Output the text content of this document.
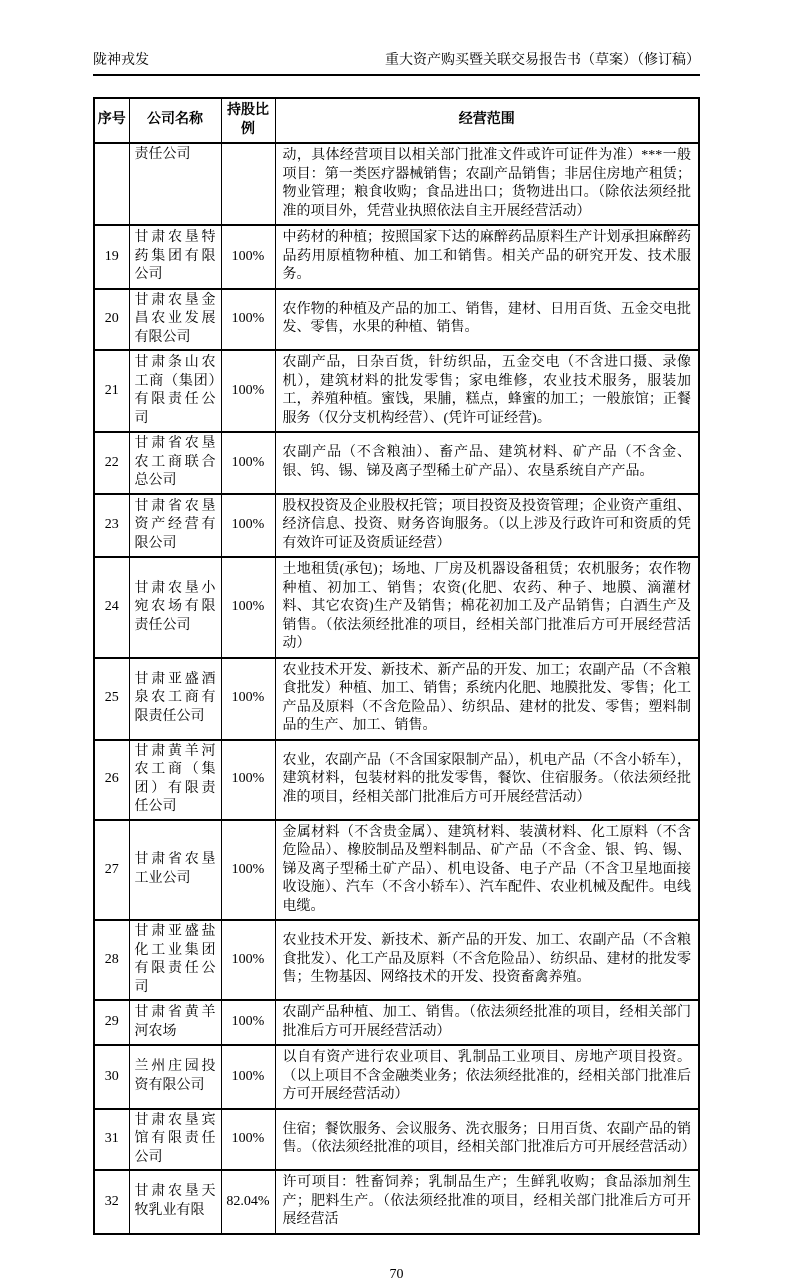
陇神戎发	重大资产购买暨关联交易报告书（草案）（修订稿）
序号	公司名称	持股比例	经营范围
	责任公司		动，具体经营项目以相关部门批准文件或许可证件为准）***一般项目：第一类医疗器械销售；农副产品销售；非居住房地产租赁；物业管理；粮食收购；食品进出口；货物进出口。（除依法须经批准的项目外，凭营业执照依法自主开展经营活动）
19	甘肃农垦特药集团有限公司	100%	中药材的种植；按照国家下达的麻醉药品原料生产计划承担麻醉药品药用原植物种植、加工和销售。相关产品的研究开发、技术服务。
20	甘肃农垦金昌农业发展有限公司	100%	农作物的种植及产品的加工、销售，建材、日用百货、五金交电批发、零售，水果的种植、销售。
21	甘肃条山农工商（集团）有限责任公司	100%	农副产品，日杂百货，针纺织品，五金交电（不含进口摄、录像机），建筑材料的批发零售；家电维修，农业技术服务，服装加工，养殖种植。蜜饯，果脯，糕点，蜂蜜的加工；一般旅馆；正餐服务（仅分支机构经营）、(凭许可证经营)。
22	甘肃省农垦农工商联合总公司	100%	农副产品（不含粮油）、畜产品、建筑材料、矿产品（不含金、银、钨、锡、锑及离子型稀土矿产品）、农垦系统自产产品。
23	甘肃省农垦资产经营有限公司	100%	股权投资及企业股权托管；项目投资及投资管理；企业资产重组、经济信息、投资、财务咨询服务。（以上涉及行政许可和资质的凭有效许可证及资质证经营）
24	甘肃农垦小宛农场有限责任公司	100%	土地租赁(承包)；场地、厂房及机器设备租赁；农机服务；农作物种植、初加工、销售；农资(化肥、农药、种子、地膜、滴灌材料、其它农资)生产及销售；棉花初加工及产品销售；白酒生产及销售。（依法须经批准的项目，经相关部门批准后方可开展经营活动）
25	甘肃亚盛酒泉农工商有限责任公司	100%	农业技术开发、新技术、新产品的开发、加工；农副产品（不含粮食批发）种植、加工、销售；系统内化肥、地膜批发、零售；化工产品及原料（不含危险品）、纺织品、建材的批发、零售；塑料制品的生产、加工、销售。
26	甘肃黄羊河农工商（集团）有限责任公司	100%	农业，农副产品（不含国家限制产品），机电产品（不含小轿车），建筑材料，包装材料的批发零售，餐饮、住宿服务。（依法须经批准的项目，经相关部门批准后方可开展经营活动）
27	甘肃省农垦工业公司	100%	金属材料（不含贵金属）、建筑材料、装潢材料、化工原料（不含危险品）、橡胶制品及塑料制品、矿产品（不含金、银、钨、锡、锑及离子型稀土矿产品）、机电设备、电子产品（不含卫星地面接收设施）、汽车（不含小轿车）、汽车配件、农业机械及配件。电线电缆。
28	甘肃亚盛盐化工业集团有限责任公司	100%	农业技术开发、新技术、新产品的开发、加工、农副产品（不含粮食批发）、化工产品及原料（不含危险品）、纺织品、建材的批发零售；生物基因、网络技术的开发、投资畜禽养殖。
29	甘肃省黄羊河农场	100%	农副产品种植、加工、销售。（依法须经批准的项目，经相关部门批准后方可开展经营活动）
30	兰州庄园投资有限公司	100%	以自有资产进行农业项目、乳制品工业项目、房地产项目投资。（以上项目不含金融类业务；依法须经批准的，经相关部门批准后方可开展经营活动）
31	甘肃农垦宾馆有限责任公司	100%	住宿；餐饮服务、会议服务、洗衣服务；日用百货、农副产品的销售。（依法须经批准的项目，经相关部门批准后方可开展经营活动）
32	甘肃农垦天牧乳业有限	82.04%	许可项目：牲畜饲养；乳制品生产；生鲜乳收购；食品添加剂生产；肥料生产。（依法须经批准的项目，经相关部门批准后方可开展经营活
70
